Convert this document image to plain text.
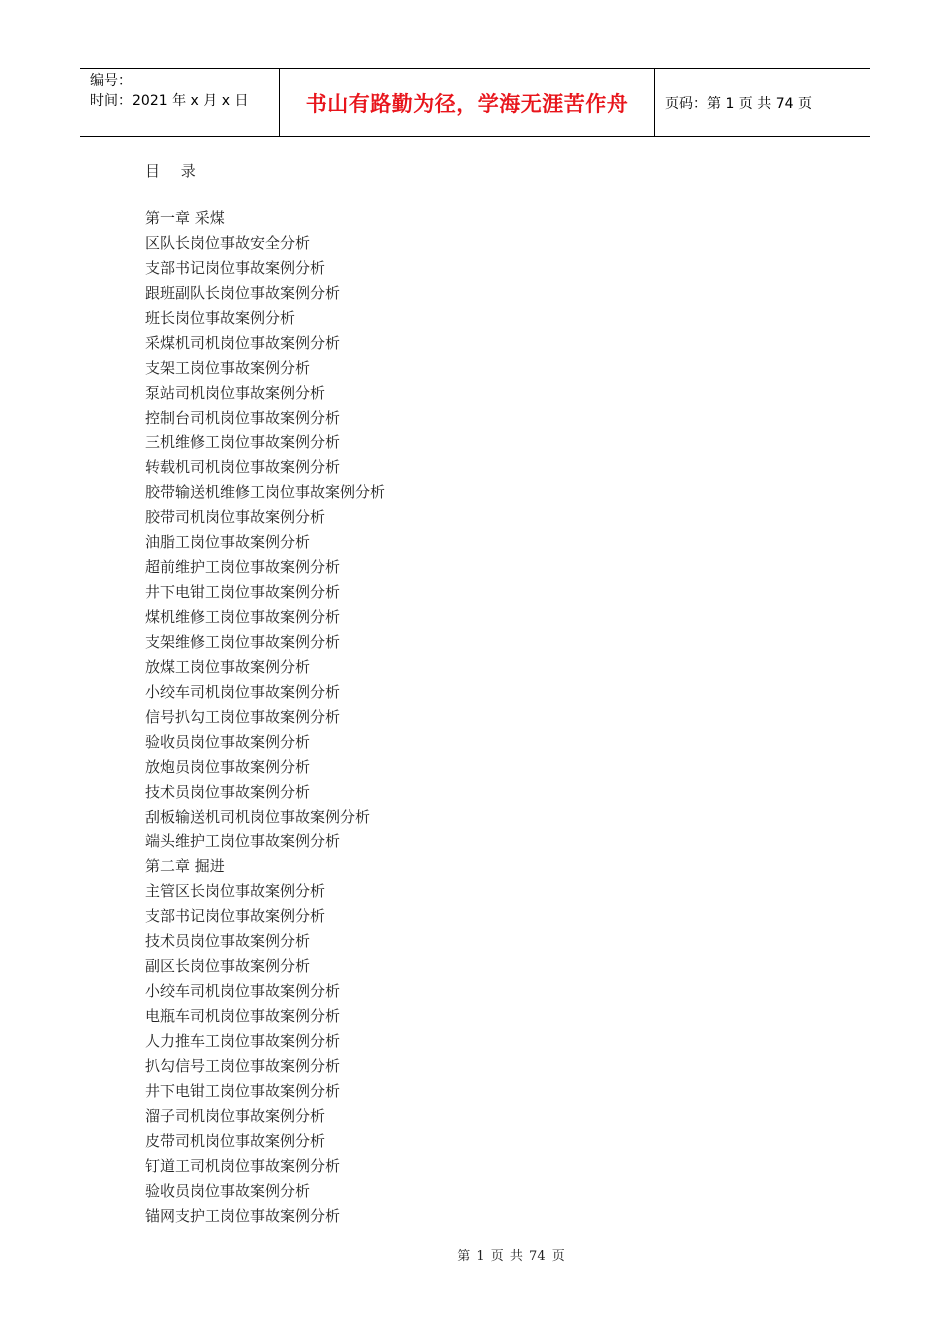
编号：
时间：2021 年 x 月 x 日	书山有路勤为径，学海无涯苦作舟	页码：第 1 页 共 74 页
目 录
第一章 采煤
区队长岗位事故安全分析
支部书记岗位事故案例分析
跟班副队长岗位事故案例分析
班长岗位事故案例分析
采煤机司机岗位事故案例分析
支架工岗位事故案例分析
泵站司机岗位事故案例分析
控制台司机岗位事故案例分析
三机维修工岗位事故案例分析
转载机司机岗位事故案例分析
胶带输送机维修工岗位事故案例分析
胶带司机岗位事故案例分析
油脂工岗位事故案例分析
超前维护工岗位事故案例分析
井下电钳工岗位事故案例分析
煤机维修工岗位事故案例分析
支架维修工岗位事故案例分析
放煤工岗位事故案例分析
小绞车司机岗位事故案例分析
信号扒勾工岗位事故案例分析
验收员岗位事故案例分析
放炮员岗位事故案例分析
技术员岗位事故案例分析
刮板输送机司机岗位事故案例分析
端头维护工岗位事故案例分析
第二章 掘进
主管区长岗位事故案例分析
支部书记岗位事故案例分析
技术员岗位事故案例分析
副区长岗位事故案例分析
小绞车司机岗位事故案例分析
电瓶车司机岗位事故案例分析
人力推车工岗位事故案例分析
扒勾信号工岗位事故案例分析
井下电钳工岗位事故案例分析
溜子司机岗位事故案例分析
皮带司机岗位事故案例分析
钉道工司机岗位事故案例分析
验收员岗位事故案例分析
锚网支护工岗位事故案例分析
第 1 页 共 74 页
